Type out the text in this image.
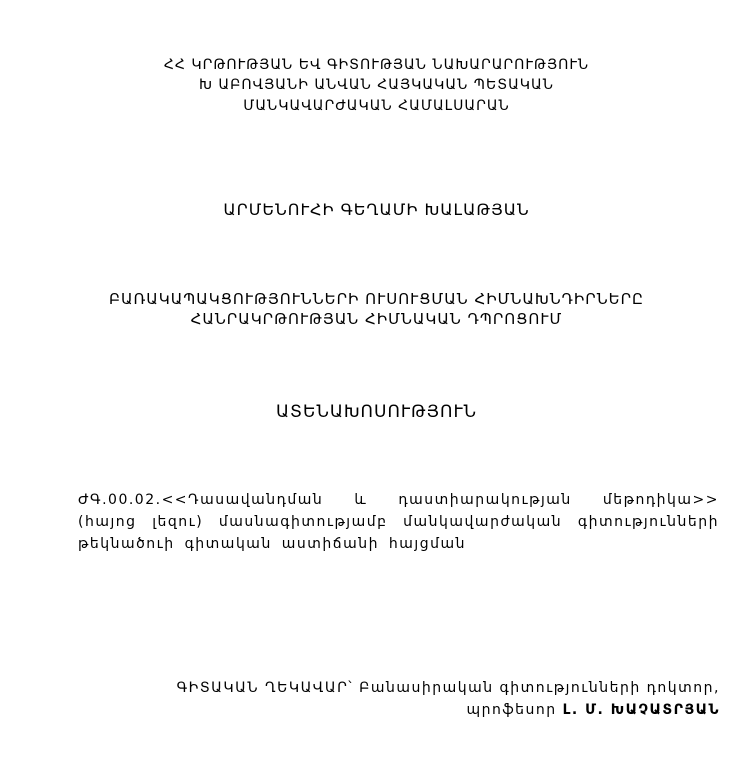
ՀՀ ԿՐԹՈՒԹՅԱՆ ԵՎ ԳԻՏՈՒԹՅԱՆ ՆԱԽԱՐԱՐՈՒԹՅՈՒՆ
Խ ԱԲՈՎՅԱՆԻ ԱՆՎԱՆ ՀԱՅԿԱԿԱՆ ՊԵՏԱԿԱՆ
ՄԱՆԿԱՎԱՐԺԱԿԱՆ ՀԱՄԱԼՍԱՐԱՆ
ԱՐՄԵՆՈՒՀԻ ԳԵՂԱՄԻ ԽԱԼԱԹՅԱՆ
ԲԱՌԱԿԱՊԱԿՑՈՒԹՅՈՒՆՆԵՐԻ ՈՒՍՈՒՑՄԱՆ ՀԻՄՆԱԽՆԴԻՐՆԵՐԸ
ՀԱՆՐԱԿՐԹՈՒԹՅԱՆ ՀԻՄՆԱԿԱՆ ԴՊՐՈՑՈՒՄ
ԱՏԵՆԱԽՈՍՈՒԹՅՈՒՆ
ԺԳ.00.02.<<Դասավանդման և դաստիարակության մեթոդիկա>> (հայոց լեզու) մասնագիտությամբ մանկավարժական գիտությունների թեկնածուի գիտական աստիճանի հայցման
ԳԻՏԱԿԱՆ ՂԵԿԱՎԱՐ՝ Բանասիրական գիտությունների դոկտոր,
պրոֆեսոր Լ. Մ. ԽԱՉԱՏՐՅԱՆ
